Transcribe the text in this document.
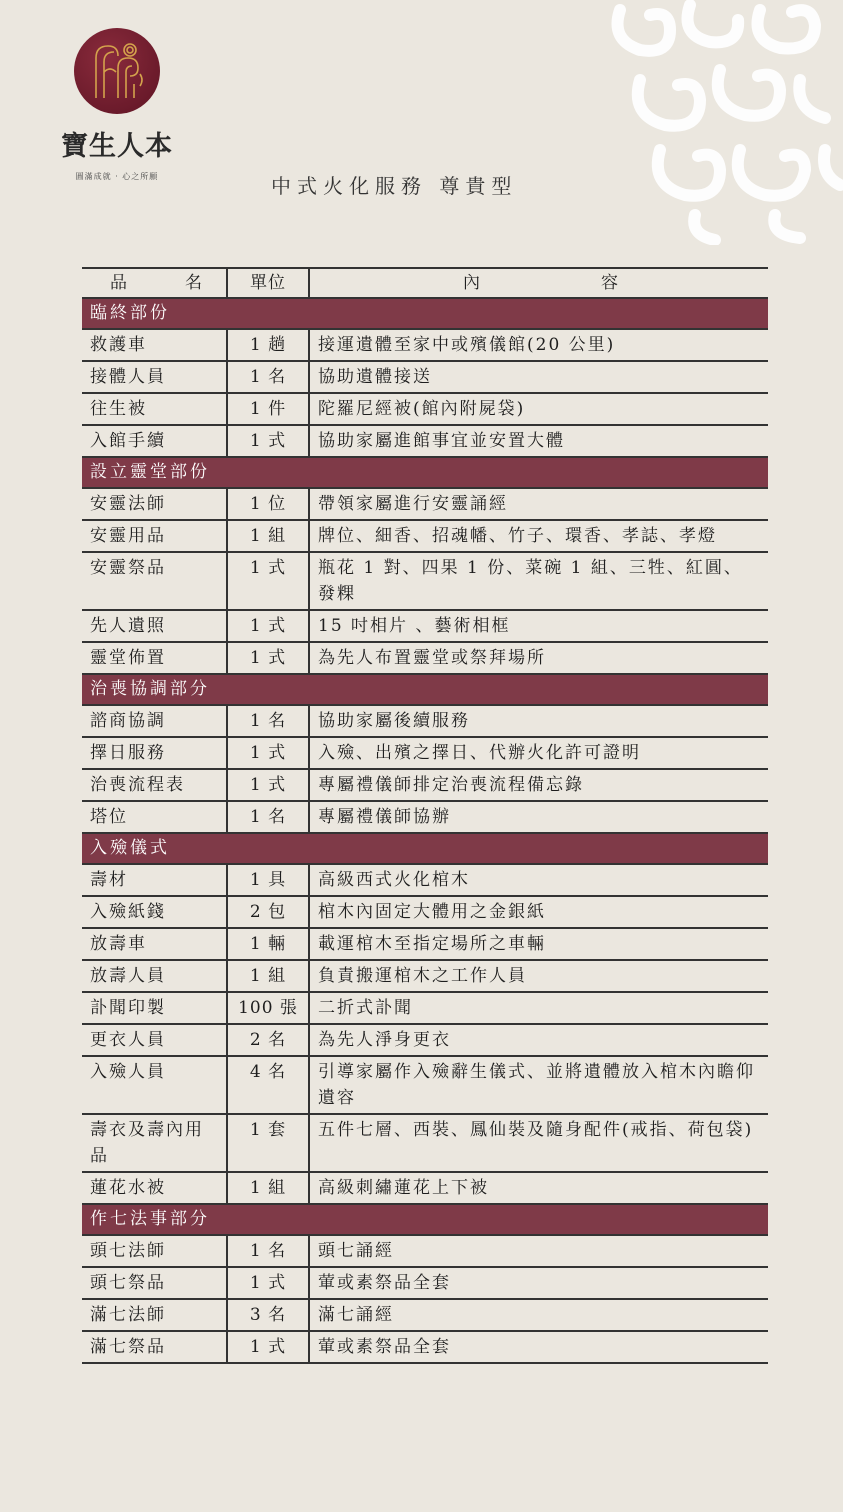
寶生人本
圓滿成就 · 心之所願	中式火化服務 尊貴型
品 名	單位	內 容

臨終部份		
救護車	1 趟	接運遺體至家中或殯儀館(20 公里)
接體人員	1 名	協助遺體接送
往生被	1 件	陀羅尼經被(館內附屍袋)
入館手續	1 式	協助家屬進館事宜並安置大體
設立靈堂部份		
安靈法師	1 位	帶領家屬進行安靈誦經
安靈用品	1 組	牌位、細香、招魂幡、竹子、環香、孝誌、孝燈
安靈祭品	1 式	瓶花 1 對、四果 1 份、菜碗 1 組、三牲、紅圓、發粿
先人遺照	1 式	15 吋相片 、藝術相框
靈堂佈置	1 式	為先人布置靈堂或祭拜場所
治喪協調部分		
諮商協調	1 名	協助家屬後續服務
擇日服務	1 式	入殮、出殯之擇日、代辦火化許可證明
治喪流程表	1 式	專屬禮儀師排定治喪流程備忘錄
塔位	1 名	專屬禮儀師協辦
入殮儀式		
壽材	1 具	高級西式火化棺木
入殮紙錢	2 包	棺木內固定大體用之金銀紙
放壽車	1 輛	載運棺木至指定場所之車輛
放壽人員	1 組	負責搬運棺木之工作人員
訃聞印製	100 張	二折式訃聞
更衣人員	2 名	為先人淨身更衣
入殮人員	4 名	引導家屬作入殮辭生儀式、並將遺體放入棺木內瞻仰遺容
壽衣及壽內用品	1 套	五件七層、西裝、鳳仙裝及隨身配件(戒指、荷包袋)
蓮花水被	1 組	高級刺繡蓮花上下被
作七法事部分		
頭七法師	1 名	頭七誦經
頭七祭品	1 式	葷或素祭品全套
滿七法師	3 名	滿七誦經
滿七祭品	1 式	葷或素祭品全套
